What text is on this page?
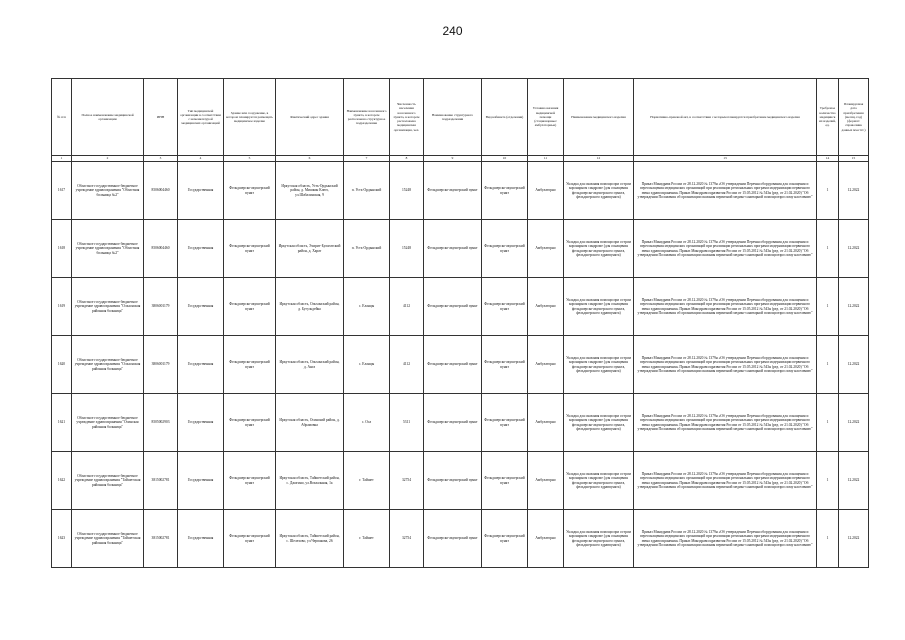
240
№ п/п	Полное наименование медицинской организации	ИНН	Тип медицинской организации в соответствии с номенклатурой медицинских организаций	Здание или сооружение, в котором планируется размещать медицинское изделие	Фактический адрес здания	Наименование населенного пункта, в котором расположено структурное подразделение	Численность населения населенного пункта, в котором расположена медицинская организация, чел.	Наименование структурного подразделения	Вид кабинета (отделения)	Условия оказания медицинской помощи (стационарные/амбулаторные)	Наименование медицинского изделия	Нормативно-правовой акт, в соответствии с которым планируется приобретение медицинского изделия	Требуемое количество медицинских изделий, ед.	Планируемая дата приобретения (месяц, год) (формат: справочник данных мм.гггг.)
1	2	3	4	5	6	7	8	9	10	11	12	13	14	15
1617	Областное государственное бюджетное учреждение здравоохранения "Областная больница №2"	8506004460	Государственная	Фельдшерско-акушерский пункт	Иркутская область, Усть-Ордынский район, д. Мишкин Ключ, ул.Шабалинская, 9	п. Усть-Ордынский	15248	Фельдшерско-акушерский пункт	Фельдшерско-акушерский пункт	Амбулаторно	Укладка для оказания помощи при остром коронарном синдроме (для оснащения фельдшерско-акушерского пункта, фельдшерского здравпункта)	Приказ Минздрава России от 28.12.2020 № 1379н «Об утверждении Перечня оборудования для оснащения и переоснащения медицинских организаций при реализации региональных программ модернизации первичного звена здравоохранения» Приказ Минздравсоцразвития России от 15.05.2012 № 543н (ред. от 21.02.2020) "Об утверждении Положения об организации оказания первичной медико-санитарной помощи взрослому населению"	1	12.2022
1618	Областное государственное бюджетное учреждение здравоохранения "Областная больница №2"	8506004460	Государственная	Фельдшерско-акушерский пункт	Иркутская область, Эхирит-Булагатский район, д. Харат	п. Усть-Ордынский	15248	Фельдшерско-акушерский пункт	Фельдшерско-акушерский пункт	Амбулаторно	Укладка для оказания помощи при остром коронарном синдроме (для оснащения фельдшерско-акушерского пункта, фельдшерского здравпункта)	Приказ Минздрава России от 28.12.2020 № 1379н «Об утверждении Перечня оборудования для оснащения и переоснащения медицинских организаций при реализации региональных программ модернизации первичного звена здравоохранения» Приказ Минздравсоцразвития России от 15.05.2012 № 543н (ред. от 21.02.2020) "Об утверждении Положения об организации оказания первичной медико-санитарной помощи взрослому населению"	1	12.2022
1619	Областное государственное бюджетное учреждение здравоохранения "Ольхонская районная больница"	3806001179	Государственная	Фельдшерско-акушерский пункт	Иркутская область, Ольхонский район, д. Бугульдейка	с. Еланцы	4112	Фельдшерско-акушерский пункт	Фельдшерско-акушерский пункт	Амбулаторно	Укладка для оказания помощи при остром коронарном синдроме (для оснащения фельдшерско-акушерского пункта, фельдшерского здравпункта)	Приказ Минздрава России от 28.12.2020 № 1379н «Об утверждении Перечня оборудования для оснащения и переоснащения медицинских организаций при реализации региональных программ модернизации первичного звена здравоохранения» Приказ Минздравсоцразвития России от 15.05.2012 № 543н (ред. от 21.02.2020) "Об утверждении Положения об организации оказания первичной медико-санитарной помощи взрослому населению"	1	12.2022
1620	Областное государственное бюджетное учреждение здравоохранения "Ольхонская районная больница"	3806001179	Государственная	Фельдшерско-акушерский пункт	Иркутская область, Ольхонский район, д. Анга	с. Еланцы	4112	Фельдшерско-акушерский пункт	Фельдшерско-акушерский пункт	Амбулаторно	Укладка для оказания помощи при остром коронарном синдроме (для оснащения фельдшерско-акушерского пункта, фельдшерского здравпункта)	Приказ Минздрава России от 28.12.2020 № 1379н «Об утверждении Перечня оборудования для оснащения и переоснащения медицинских организаций при реализации региональных программ модернизации первичного звена здравоохранения» Приказ Минздравсоцразвития России от 15.05.2012 № 543н (ред. от 21.02.2020) "Об утверждении Положения об организации оказания первичной медико-санитарной помощи взрослому населению"	1	12.2022
1621	Областное государственное бюджетное учреждение здравоохранения "Осинская районная больница"	8505002903	Государственная	Фельдшерско-акушерский пункт	Иркутская область, Осинский район, д. Абрамовка	с. Оса	5311	Фельдшерско-акушерский пункт	Фельдшерско-акушерский пункт	Амбулаторно	Укладка для оказания помощи при остром коронарном синдроме (для оснащения фельдшерско-акушерского пункта, фельдшерского здравпункта)	Приказ Минздрава России от 28.12.2020 № 1379н «Об утверждении Перечня оборудования для оснащения и переоснащения медицинских организаций при реализации региональных программ модернизации первичного звена здравоохранения» Приказ Минздравсоцразвития России от 15.05.2012 № 543н (ред. от 21.02.2020) "Об утверждении Положения об организации оказания первичной медико-санитарной помощи взрослому населению"	1	12.2022
1622	Областное государственное бюджетное учреждение здравоохранения "Тайшетская районная больница"	3815002781	Государственная	Фельдшерско-акушерский пункт	Иркутская область, Тайшетский район, с. Джогино, ул.Вокзальная, 1а	г. Тайшет	32754	Фельдшерско-акушерский пункт	Фельдшерско-акушерский пункт	Амбулаторно	Укладка для оказания помощи при остром коронарном синдроме (для оснащения фельдшерско-акушерского пункта, фельдшерского здравпункта)	Приказ Минздрава России от 28.12.2020 № 1379н «Об утверждении Перечня оборудования для оснащения и переоснащения медицинских организаций при реализации региональных программ модернизации первичного звена здравоохранения» Приказ Минздравсоцразвития России от 15.05.2012 № 543н (ред. от 21.02.2020) "Об утверждении Положения об организации оказания первичной медико-санитарной помощи взрослому населению"	1	12.2022
1623	Областное государственное бюджетное учреждение здравоохранения "Тайшетская районная больница"	3815002781	Государственная	Фельдшерско-акушерский пункт	Иркутская область, Тайшетский район, с. Шелехово, ул.Черпакова, 26	г. Тайшет	32754	Фельдшерско-акушерский пункт	Фельдшерско-акушерский пункт	Амбулаторно	Укладка для оказания помощи при остром коронарном синдроме (для оснащения фельдшерско-акушерского пункта, фельдшерского здравпункта)	Приказ Минздрава России от 28.12.2020 № 1379н «Об утверждении Перечня оборудования для оснащения и переоснащения медицинских организаций при реализации региональных программ модернизации первичного звена здравоохранения» Приказ Минздравсоцразвития России от 15.05.2012 № 543н (ред. от 21.02.2020) "Об утверждении Положения об организации оказания первичной медико-санитарной помощи взрослому населению"	1	12.2022
